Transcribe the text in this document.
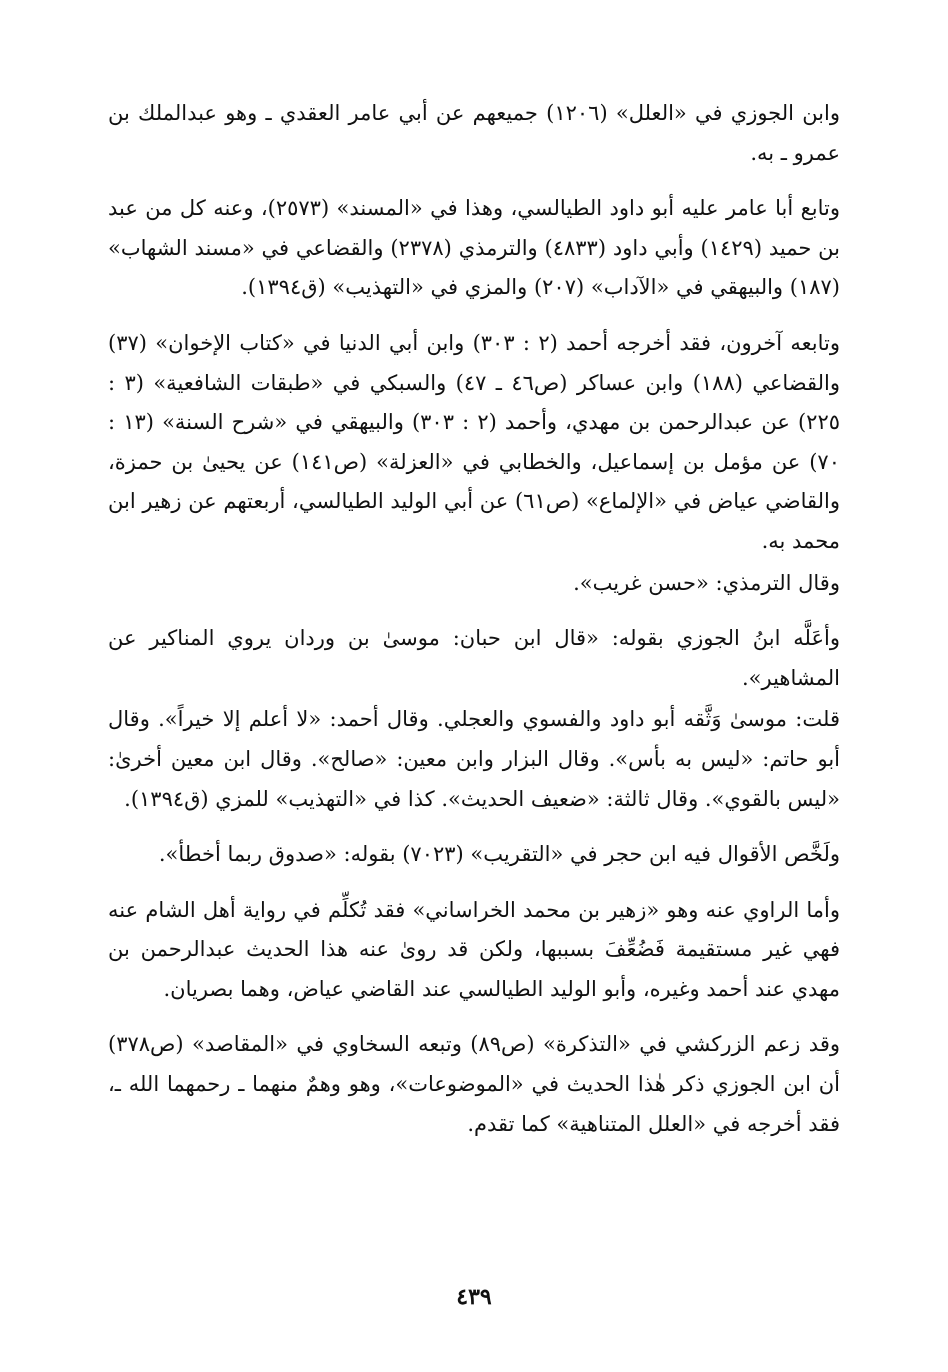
وابن الجوزي في «العلل» (١٢٠٦) جميعهم عن أبي عامر العقدي ـ وهو عبدالملك بن عمرو ـ به.

وتابع أبا عامر عليه أبو داود الطيالسي، وهذا في «المسند» (٢٥٧٣)، وعنه كل من عبد بن حميد (١٤٢٩) وأبي داود (٤٨٣٣) والترمذي (٢٣٧٨) والقضاعي في «مسند الشهاب» (١٨٧) والبيهقي في «الآداب» (٢٠٧) والمزي في «التهذيب» (ق١٣٩٤).

وتابعه آخرون، فقد أخرجه أحمد (٢ : ٣٠٣) وابن أبي الدنيا في «كتاب الإخوان» (٣٧) والقضاعي (١٨٨) وابن عساكر (ص٤٦ ـ ٤٧) والسبكي في «طبقات الشافعية» (٣ : ٢٢٥) عن عبدالرحمن بن مهدي، وأحمد (٢ : ٣٠٣) والبيهقي في «شرح السنة» (١٣ : ٧٠) عن مؤمل بن إسماعيل، والخطابي في «العزلة» (ص١٤١) عن يحيىٰ بن حمزة، والقاضي عياض في «الإلماع» (ص٦١) عن أبي الوليد الطيالسي، أربعتهم عن زهير ابن محمد به.

وقال الترمذي: «حسن غريب».

وأعَلَّه ابنُ الجوزي بقوله: «قال ابن حبان: موسىٰ بن وردان يروي المناكير عن المشاهير».

قلت: موسىٰ وَثَّقه أبو داود والفسوي والعجلي. وقال أحمد: «لا أعلم إلا خيراً». وقال أبو حاتم: «ليس به بأس». وقال البزار وابن معين: «صالح». وقال ابن معين أخرىٰ: «ليس بالقوي». وقال ثالثة: «ضعيف الحديث». كذا في «التهذيب» للمزي (ق١٣٩٤).

ولَخَّص الأقوال فيه ابن حجر في «التقريب» (٧٠٢٣) بقوله: «صدوق ربما أخطأ».

وأما الراوي عنه وهو «زهير بن محمد الخراساني» فقد تُكلِّم في رواية أهل الشام عنه فهي غير مستقيمة فَضُعِّفَ بسببها، ولكن قد روىٰ عنه هذا الحديث عبدالرحمن بن مهدي عند أحمد وغيره، وأبو الوليد الطيالسي عند القاضي عياض، وهما بصريان.

وقد زعم الزركشي في «التذكرة» (ص٨٩) وتبعه السخاوي في «المقاصد» (ص٣٧٨) أن ابن الجوزي ذكر هٰذا الحديث في «الموضوعات»، وهو وهمٌ منهما ـ رحمهما الله ـ، فقد أخرجه في «العلل المتناهية» كما تقدم.

٤٣٩
